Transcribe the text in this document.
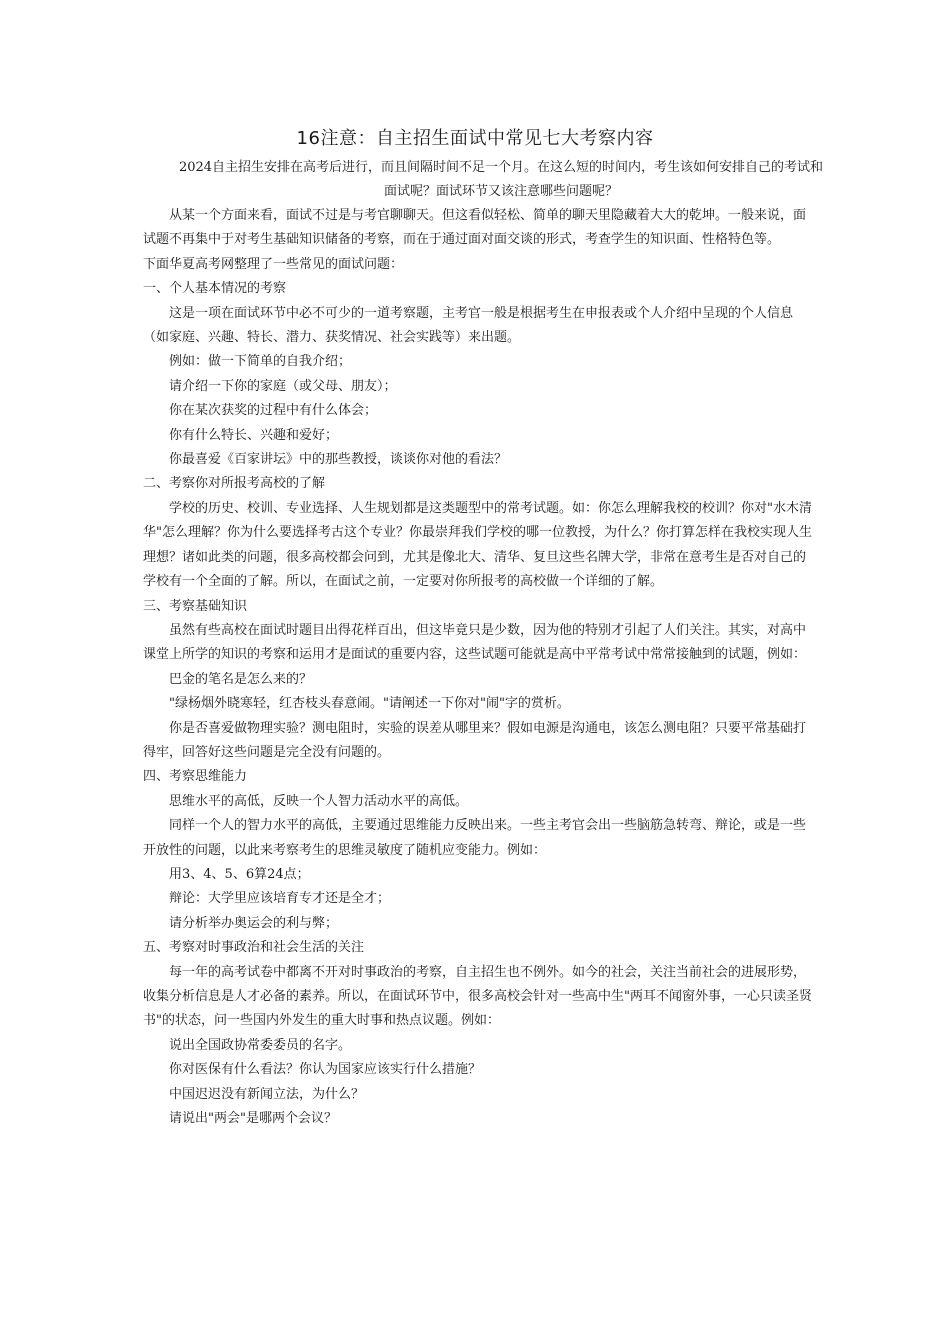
16注意：自主招生面试中常见七大考察内容
2024自主招生安排在高考后进行，而且间隔时间不足一个月。在这么短的时间内，考生该如何安排自己的考试和面试呢？面试环节又该注意哪些问题呢？

从某一个方面来看，面试不过是与考官聊聊天。但这看似轻松、简单的聊天里隐藏着大大的乾坤。一般来说，面试题不再集中于对考生基础知识储备的考察，而在于通过面对面交谈的形式，考查学生的知识面、性格特色等。

下面华夏高考网整理了一些常见的面试问题：

一、个人基本情况的考察

这是一项在面试环节中必不可少的一道考察题，主考官一般是根据考生在申报表或个人介绍中呈现的个人信息（如家庭、兴趣、特长、潜力、获奖情况、社会实践等）来出题。

例如：做一下简单的自我介绍；

请介绍一下你的家庭（或父母、朋友）；

你在某次获奖的过程中有什么体会；

你有什么特长、兴趣和爱好；

你最喜爱《百家讲坛》中的那些教授，谈谈你对他的看法？

二、考察你对所报考高校的了解

学校的历史、校训、专业选择、人生规划都是这类题型中的常考试题。如：你怎么理解我校的校训？你对"水木清华"怎么理解？你为什么要选择考古这个专业？你最崇拜我们学校的哪一位教授，为什么？你打算怎样在我校实现人生理想？诸如此类的问题，很多高校都会问到，尤其是像北大、清华、复旦这些名牌大学，非常在意考生是否对自己的学校有一个全面的了解。所以，在面试之前，一定要对你所报考的高校做一个详细的了解。

三、考察基础知识

虽然有些高校在面试时题目出得花样百出，但这毕竟只是少数，因为他的特别才引起了人们关注。其实，对高中课堂上所学的知识的考察和运用才是面试的重要内容，这些试题可能就是高中平常考试中常常接触到的试题，例如：

巴金的笔名是怎么来的？

"绿杨烟外晓寒轻，红杏枝头春意闹。"请阐述一下你对"闹"字的赏析。

你是否喜爱做物理实验？测电阻时，实验的误差从哪里来？假如电源是沟通电，该怎么测电阻？只要平常基础打得牢，回答好这些问题是完全没有问题的。

四、考察思维能力

思维水平的高低，反映一个人智力活动水平的高低。

同样一个人的智力水平的高低，主要通过思维能力反映出来。一些主考官会出一些脑筋急转弯、辩论，或是一些开放性的问题，以此来考察考生的思维灵敏度了随机应变能力。例如：

用3、4、5、6算24点；

辩论：大学里应该培育专才还是全才；

请分析举办奥运会的利与弊；

五、考察对时事政治和社会生活的关注

每一年的高考试卷中都离不开对时事政治的考察，自主招生也不例外。如今的社会，关注当前社会的进展形势，收集分析信息是人才必备的素养。所以，在面试环节中，很多高校会针对一些高中生"两耳不闻窗外事，一心只读圣贤书"的状态，问一些国内外发生的重大时事和热点议题。例如：

说出全国政协常委委员的名字。

你对医保有什么看法？你认为国家应该实行什么措施？

中国迟迟没有新闻立法，为什么？

请说出"两会"是哪两个会议？
